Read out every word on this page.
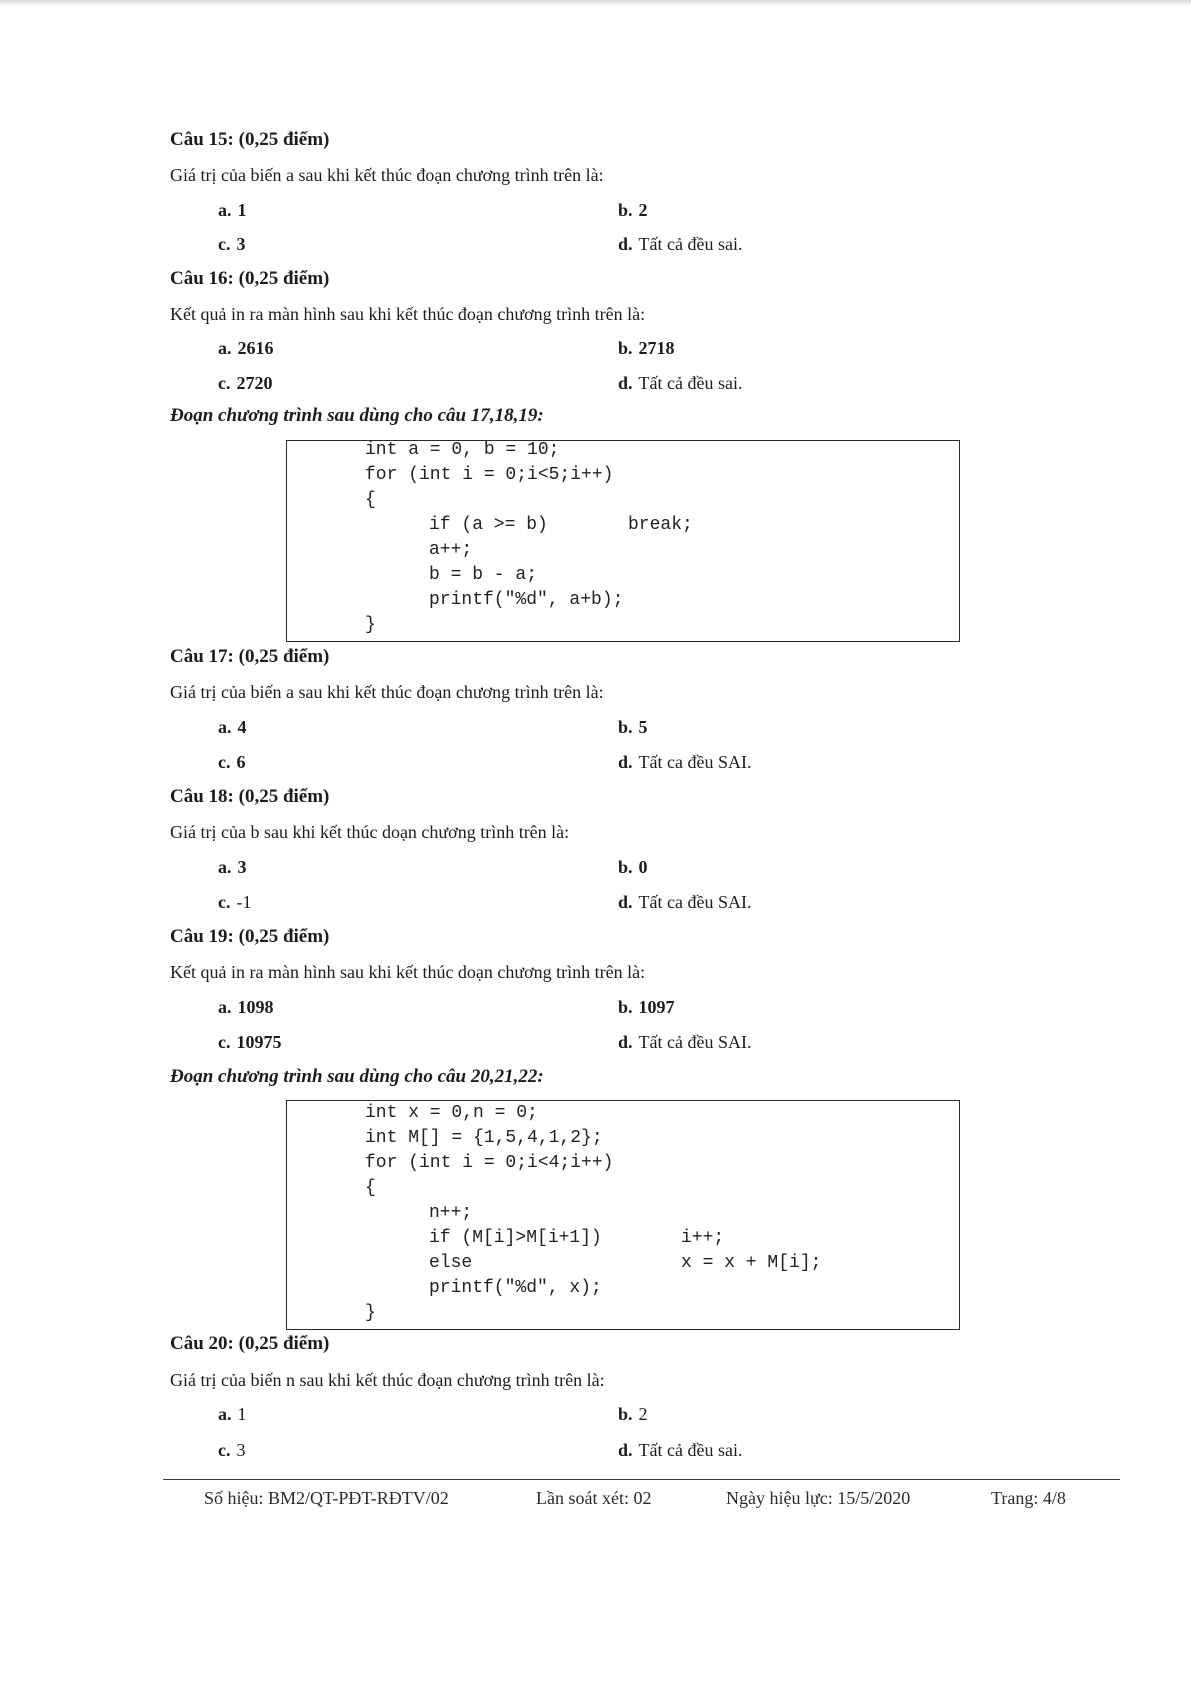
Câu 15: (0,25 điểm)
Giá trị của biến a sau khi kết thúc đoạn chương trình trên là:
a. 1	b. 2
c. 3	d. Tất cả đều sai.
Câu 16: (0,25 điểm)
Kết quả in ra màn hình sau khi kết thúc đoạn chương trình trên là:
a. 2616	b. 2718
c. 2720	d. Tất cả đều sai.
Đoạn chương trình sau dùng cho câu 17,18,19:
int a = 0, b = 10;
for (int i = 0;i<5;i++)
{
if (a >= b)	break;
a++;
b = b - a;
printf("%d", a+b);
}
Câu 17: (0,25 điểm)
Giá trị của biến a sau khi kết thúc đoạn chương trình trên là:
a. 4	b. 5
c. 6	d. Tất ca đều SAI.
Câu 18: (0,25 điểm)
Giá trị của b sau khi kết thúc doạn chương trình trên là:
a. 3	b. 0
c. -1	d. Tất ca đều SAI.
Câu 19: (0,25 điểm)
Kết quả in ra màn hình sau khi kết thúc doạn chương trình trên là:
a. 1098	b. 1097
c. 10975	d. Tất cả đều SAI.
Đoạn chương trình sau dùng cho câu 20,21,22:
int x = 0,n = 0;
int M[] = {1,5,4,1,2};
for (int i = 0;i<4;i++)
{
n++;
if (M[i]>M[i+1])	i++;
else	x = x + M[i];
printf("%d", x);
}
Câu 20: (0,25 điểm)
Giá trị của biến n sau khi kết thúc đoạn chương trình trên là:
a. 1	b. 2
c. 3	d. Tất cả đều sai.
Số hiệu: BM2/QT-PĐT-RĐTV/02	Lần soát xét: 02	Ngày hiệu lực: 15/5/2020	Trang: 4/8
